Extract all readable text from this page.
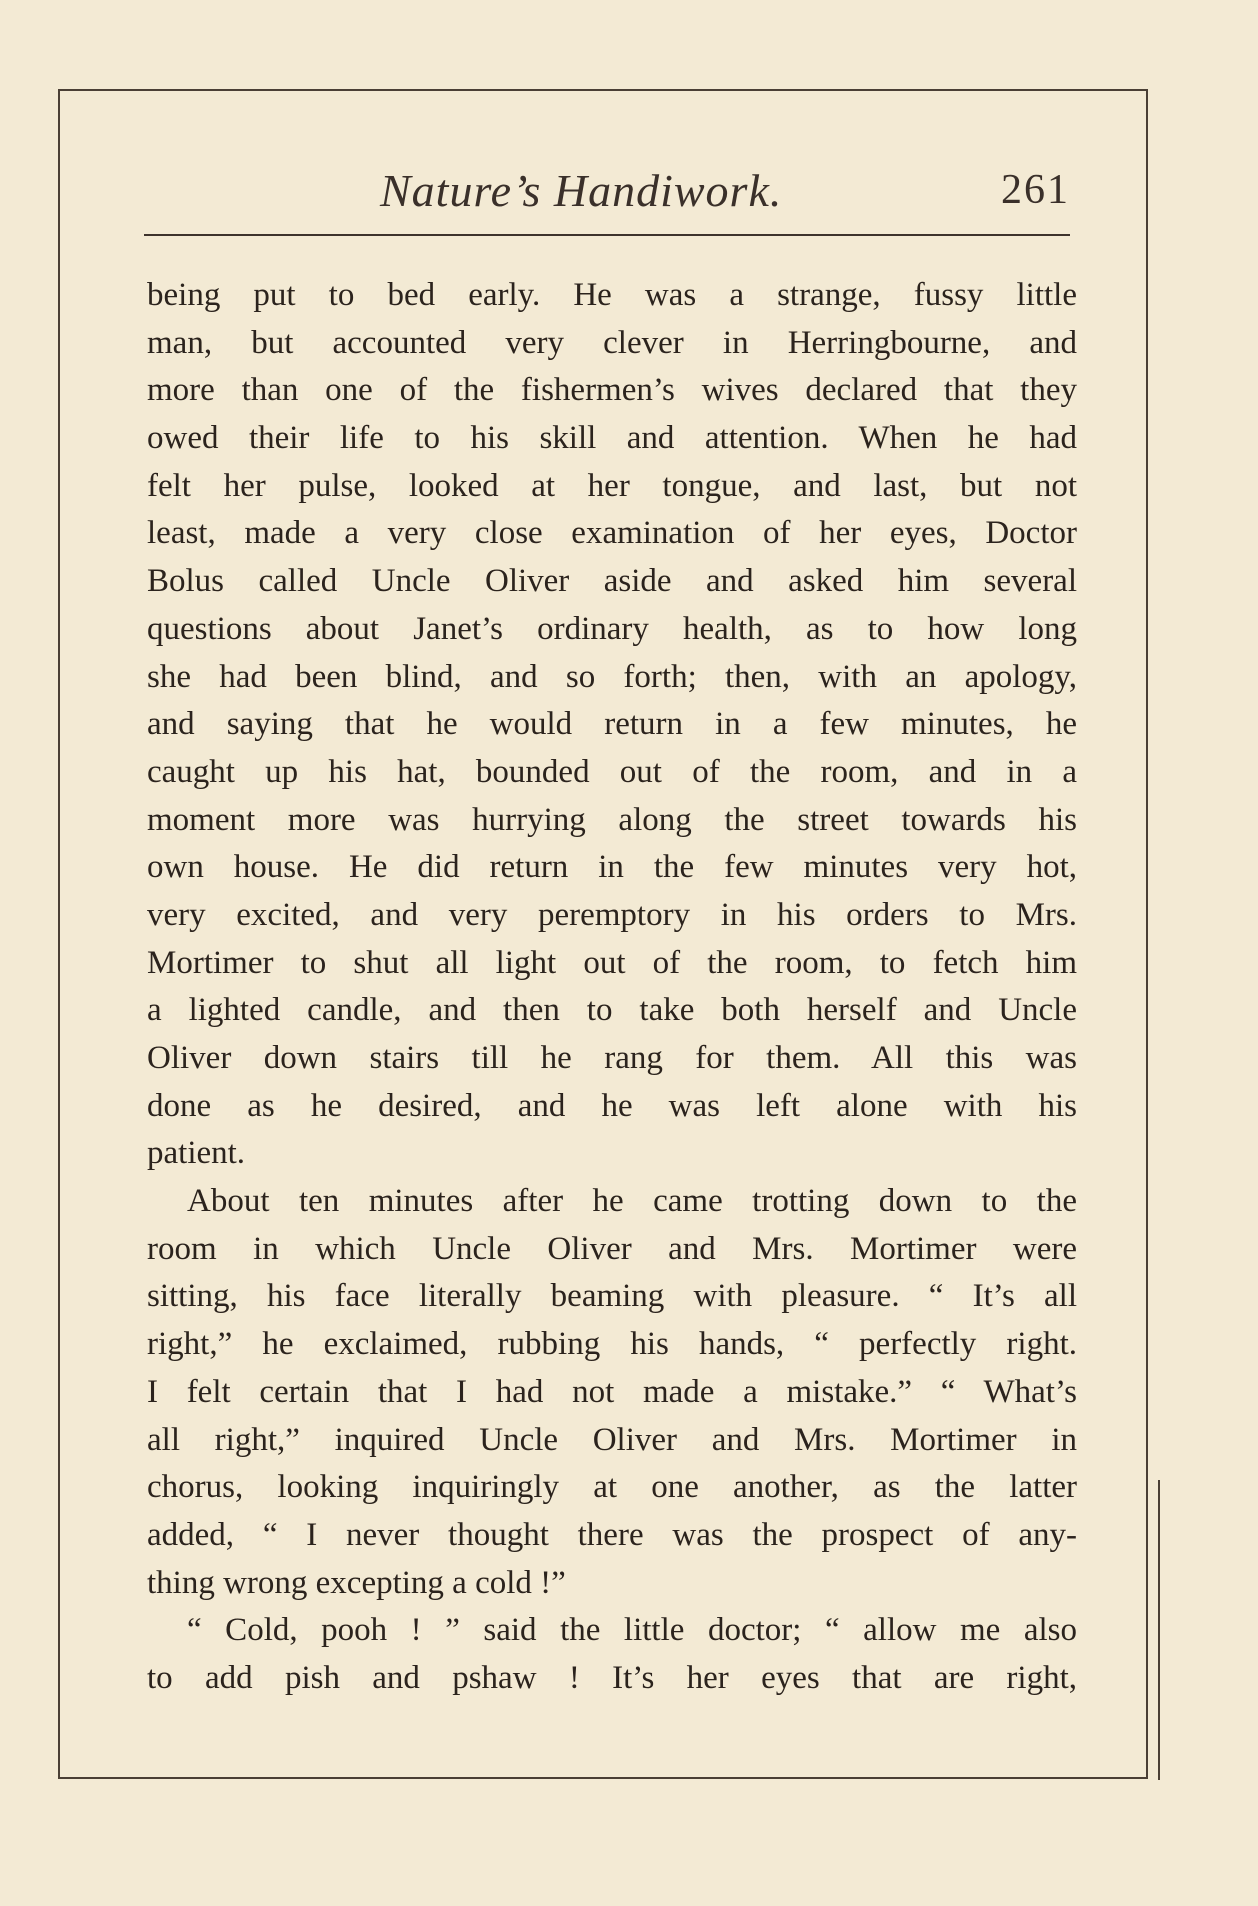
Nature’s Handiwork.	261
being put to bed early. He was a strange, fussy little
man, but accounted very clever in Herringbourne, and
more than one of the fishermen’s wives declared that they
owed their life to his skill and attention. When he had
felt her pulse, looked at her tongue, and last, but not
least, made a very close examination of her eyes, Doctor
Bolus called Uncle Oliver aside and asked him several
questions about Janet’s ordinary health, as to how long
she had been blind, and so forth; then, with an apology,
and saying that he would return in a few minutes, he
caught up his hat, bounded out of the room, and in a
moment more was hurrying along the street towards his
own house. He did return in the few minutes very hot,
very excited, and very peremptory in his orders to Mrs.
Mortimer to shut all light out of the room, to fetch him
a lighted candle, and then to take both herself and Uncle
Oliver down stairs till he rang for them. All this was
done as he desired, and he was left alone with his
patient.
About ten minutes after he came trotting down to the
room in which Uncle Oliver and Mrs. Mortimer were
sitting, his face literally beaming with pleasure. “ It’s all
right,” he exclaimed, rubbing his hands, “ perfectly right.
I felt certain that I had not made a mistake.” “ What’s
all right,” inquired Uncle Oliver and Mrs. Mortimer in
chorus, looking inquiringly at one another, as the latter
added, “ I never thought there was the prospect of any-
thing wrong excepting a cold !”
“ Cold, pooh ! ” said the little doctor; “ allow me also
to add pish and pshaw ! It’s her eyes that are right,
